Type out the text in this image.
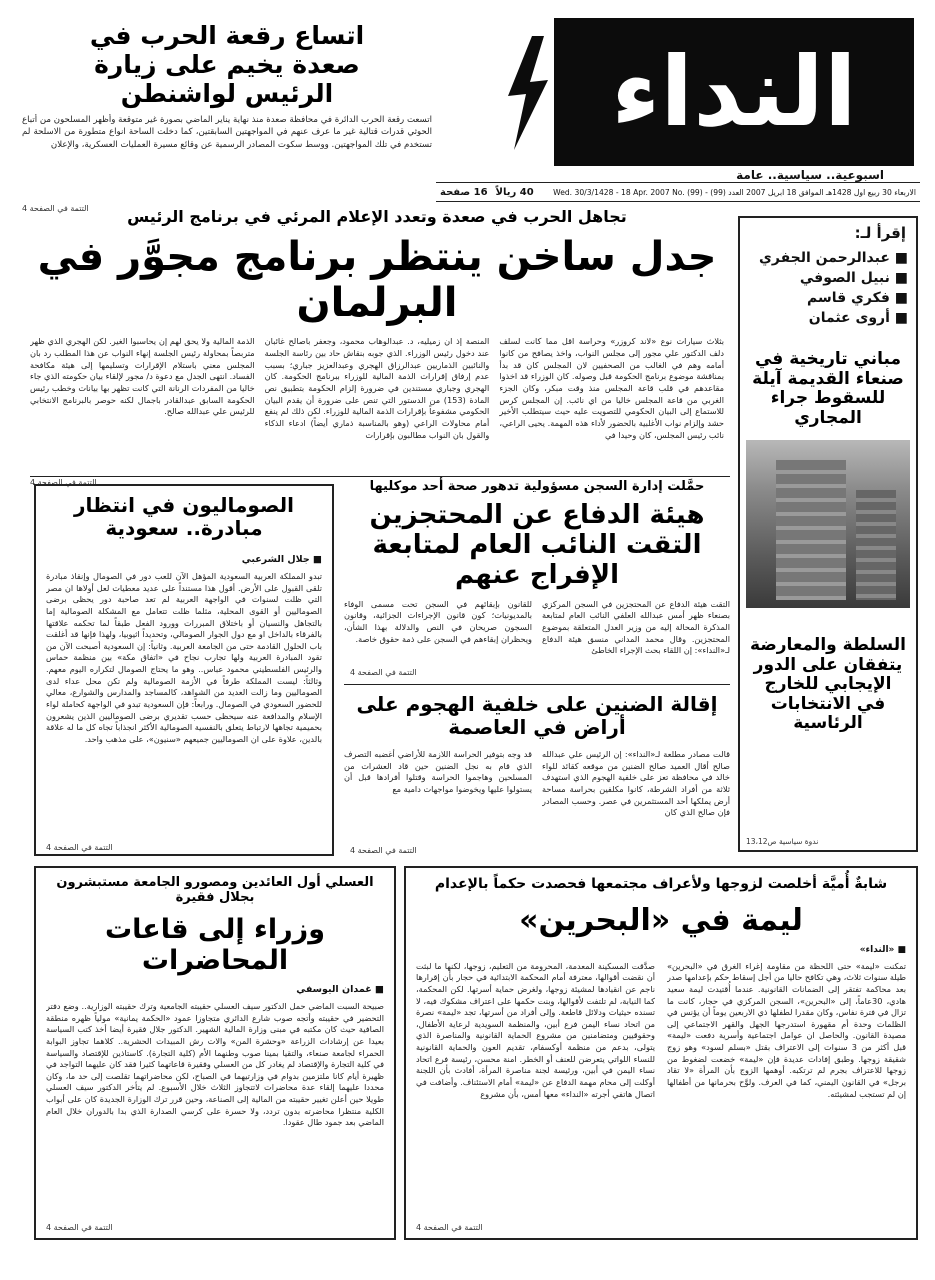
النداء
اسبوعية.. سياسية.. عامة
الاربعاء 30 ربيع اول 1428هـ الموافق 18 ابريل 2007 العدد (99) - Wed. 30/3/1428 - 18 Apr. 2007 No. (99)
40 ريالاً
16 صفحة
اتساع رقعة الحرب في صعدة يخيم على زيارة الرئيس لواشنطن
اتسعت رقعة الحرب الدائرة في محافظة صعدة منذ نهاية يناير الماضي بصورة غير متوقعة وأظهر المسلحون من أتباع الحوثي قدرات قتالية غير ما عرف عنهم في المواجهتين السابقتين، كما دخلت الساحة انواع متطورة من الاسلحة لم تستخدم في تلك المواجهتين. ووسط سكوت المصادر الرسمية عن وقائع مسيرة العمليات العسكرية، والإعلان
التتمة في الصفحة 4	تجاهل الحرب في صعدة وتعدد الإعلام المرئي في برنامج الرئيس
جدل ساخن ينتظر برنامج مجوَّر في البرلمان
بثلاث سيارات نوع «لاند كروزر» وحراسة اقل مما كانت لسلف دلف الدكتور علي مجور إلى مجلس النواب، واخذ يصافح من كانوا أمامه وهم في الغالب من الصحفيين لان المجلس كان قد بدأ بمناقشة موضوع برنامج الحكومة قبل وصوله. كان الوزراء قد اخذوا مقاعدهم في قلب قاعة المجلس منذ وقت مبكر، وكان الجزء الغربي من قاعة المجلس خاليا من اي نائب. إن المجلس كرس للاستماع إلى البيان الحكومي للتصويت عليه حيث سيتطلب الأخير حشد وإلزام نواب الأغلبية بالحضور لأداء هذه المهمة. يحيى الراعي، نائب رئيس المجلس، كان وحيدا في
المنصة إذ ان زميليه، د. عبدالوهاب محمود، وجعفر باصالح غائبان عند دخول رئيس الوزراء. الذي جوبه بنقاش حاد بين رئاسة الجلسة والنائبين الذماريين عبدالرزاق الهجري وعبدالعزيز جباري؛ بسبب عدم إرفاق إقرارات الذمة المالية للوزراء ببرنامج الحكومة. كان الهجري وجباري مستندين في ضرورة إلزام الحكومة بتطبيق نص المادة (153) من الدستور التي تنص على ضرورة أن يقدم البيان الحكومي مشفوعاً بإقرارات الذمة المالية للوزراء. لكن ذلك لم ينفع أمام محاولات الراعي (وهو بالمناسبة ذماري أيضاً) ادعاء الذكاء والقول بان النواب مطالبون بإقرارات
الذمة المالية ولا يحق لهم إن يحاسبوا الغير. لكن الهجري الذي ظهر متربصاً بمحاولة رئيس الجلسة إنهاء النواب عن هذا المطلب رد بان المجلس معني باستلام الإقرارات وتسليمها إلى هيئة مكافحة الفساد. انتهى الجدل مع دعوة د/ مجور لإلقاء بيان حكومته الذي جاء خاليا من المفردات الرنانة التي كانت تظهر بها بيانات وخطب رئيس الحكومة السابق عبدالقادر باجمال لكنه حوصر بالبرنامج الانتخابي للرئيس علي عبدالله صالح.
التتمة في الصفحة 4
إقرأ لـ:
■ عبدالرحمن الجفري
■ نبيل الصوفي
■ فكري قاسم
■ أروى عثمان
مباني تاريخية في صنعاء القديمة آيلة للسقوط جراء المجاري
السلطة والمعارضة يتفقان على الدور الإيجابي للخارج في الانتخابات الرئاسية
ندوة سياسية ص13،12
حمَّلت إدارة السجن مسؤولية تدهور صحة أحد موكليها
هيئة الدفاع عن المحتجزين التقت النائب العام لمتابعة الإفراج عنهم
التقت هيئة الدفاع عن المحتجزين في السجن المركزي بصنعاء ظهر أمس عبدالله العلفي النائب العام لمتابعة المذكرة المحالة إليه من وزير العدل المتعلقة بموضوع المحتجزين. وقال محمد المداني منسق هيئة الدفاع لـ«النداء»: إن اللقاء بحث الإجراء الخاطئ
للقانون بإبقائهم في السجن تحت مسمى الوفاء بالمديونيات؛ كون قانون الإجراءات الجزائية، وقانون السجون صريحان في النص والدلالة بهذا الشأن، ويحظران إبقاءهم في السجن على ذمة حقوق خاصة.
التتمة في الصفحة 4
إقالة الضنين على خلفية الهجوم على أراض في العاصمة
قالت مصادر مطلعة لـ«النداء»: إن الرئيس علي عبدالله صالح أقال العميد صالح الضنين من موقعه كقائد للواء خالد في محافظة تعز على خلفية الهجوم الذي استهدف ثلاثة من أفراد الشرطة، كانوا مكلفين بحراسة مساحة أرض يملكها أحد المستثمرين في عصر. وحسب المصادر فإن صالح الذي كان
قد وجه بتوفير الحراسة اللازمة للأراضي أغضبه التصرف الذي قام به نجل الضنين حين قاد العشرات من المسلحين وهاجموا الحراسة وقتلوا أفرادها قبل أن يستولوا عليها ويخوضوا مواجهات دامية مع
التتمة في الصفحة 4
الصوماليون في انتظار مبادرة.. سعودية
■ جلال الشرعبي
تبدو المملكة العربية السعودية المؤهل الآن للعب دور في الصومال وإنقاذ مبادرة تلقى القبول على الأرض. أقول هذا مستنداً على عديد معطيات لعل أولاها ان مصر التي ظلت لسنوات في الواجهة العربية لم تعد صاحبة دور يحظى برضى الصوماليين أو القوى المحلية، مثلما ظلت تتعامل مع المشكلة الصومالية إما بالتجاهل والنسيان أو باختلاق المبررات وورود الفعل طبقاً لما تحكمه علاقتها بالفرقاء بالداخل او مع دول الجوار الصومالي، وتحديداً اثيوبيا، ولهذا فإنها قد أغلقت باب الحلول القادمة حتى من الجامعة العربية. وثانياً: إن السعودية أصبحت الآن من تقود المبادرة العربية ولها تجارب نجاح في «اتفاق مكة» بين منظمة حماس والرئيس الفلسطيني محمود عباس.. وهو ما يحتاج الصومال لتكراره اليوم معهم. وثالثاً: ليست المملكة طرفاً في الأزمة الصومالية ولم تكن محل عداء لدى الصوماليين وما زالت العديد من الشواهد، كالمساجد والمدارس والشوارع، معالي للحضور السعودي في الصومال. ورابعاً: فإن السعودية تبدو في الواجهة كحاملة لواء الإسلام والمدافعة عنه سيحظى حسب تقديري برضى الصوماليين الذين يشعرون بحميمية تجاهها لارتباط يتعلق بالنفسية الصومالية الأكثر انجذاباً تجاه كل ما له علاقة بالدين، علاوة على ان الصوماليين جميعهم «سنيون»، على مذهب واحد.
التتمة في الصفحة 4
شابةٌ أُميَّة أخلصت لزوجها ولأعراف مجتمعها فحصدت حكماً بالإعدام
ليمة في «البحرين»
■ «النداء»
تمكنت «ليمة» حتى اللحظة من مقاومة إغراء الغرق في «البحرين» طيلة سنوات ثلاث، وهي تكافح حاليا من أجل إسقاط حكم بإعدامها صدر بعد محاكمة تفتقر إلى الضمانات القانونية. عندما أُقتيدت ليمة سعيد هادي، 30عاماً، إلى «البحرين»، السجن المركزي في حجار، كانت ما تزال في فترة نفاس، وكان مقدرا لطفلها ذي الاربعين يوماً أن يؤنس في الظلمات وحدة أم مقهورة استدرجها الجهل والقهر الاجتماعي إلى مصيدة القانون. والحاصل ان عوامل اجتماعية وأسرية دفعت «ليمة» قبل أكثر من 3 سنوات إلى الاعتراف بقتل «بسلم لسود» وهو زوج شقيقة زوجها. وطبق إفادات عديدة فإن «ليمة» خضعت لضغوط من زوجها للاعتراف بجرم لم ترتكبه. أوهمها الزوج بأن المرأة «لا تقاد برجل» في القانون اليمني، كما في العرف. ولوَّح بحرمانها من أطفالها إن لم تستجب لمشيئته.
صدَّقت المسكينة المعدمة، المحرومة من التعليم، زوجها، لكنها ما لبثت أن نقضت أقوالها، معترفة أمام المحكمة الابتدائية في حجار بأن إقرارها ناجم عن انقيادها لمشيئة زوجها، ولغرض حماية أسرتها. لكن المحكمة، كما النيابة، لم تلتفت لأقوالها، وبنت حكمها على اعتراف مشكوك فيه، لا تسنده حيثيات ودلائل قاطعة. وإلى أفراد من أسرتها، تجد «ليمة» نصرة من اتحاد نساء اليمن فرع أبين، والمنظمة السويدية لرعاية الأطفال، وحقوقيين ومتضامنين من مشروع الحماية القانونية والمناصرة الذي يتولى، بدعم من منظمة أوكسفام، تقديم العون والحماية القانونية للنساء اللواتي يتعرضن للعنف أو الخطر. امنة محسن، رئيسة فرع اتحاد نساء اليمن في أبين، ورئيسة لجنة مناصرة المرأة، أفادت بأن اللجنة أوكلت إلى محام مهمة الدفاع عن «ليمة» أمام الاستئناف. وأضافت في اتصال هاتفي أجرته «النداء» معها أمس، بأن مشروع
التتمة في الصفحة 4
العسلي أول العائدين ومصورو الجامعة مستبشرون بجلال فقيرة
وزراء إلى قاعات المحاضرات
■ غمدان اليوسفي
صبيحة السبت الماضي حمل الدكتور سيف العسلي حقيبته الجامعية وترك حقيبته الوزارية.. وضع دفتر التحضير في حقيبته وأتجه صوب شارع الدائري متجاوزا عمود «الحكمة يمانية» مولياً ظهره منطقة الصافية حيث كان مكتبه في مبنى وزارة المالية الشهير. الدكتور جلال فقيرة أيضا أخذ كتب السياسة بعيدا عن إرشادات الزراعة «وحشرة المن» والات رش المبيدات الحشرية.. كلاهما تجاوز البوابة الحمراء لجامعة صنعاء، والتقيا بمينا صوب وطنهما الأم (كلية التجارة). كاستاذين للإقتصاد والسياسة في كلية التجارة والإقتصاد لم يغادر كل من العسلي وفقيرة قاعاتهما كثيرا فقد كان عليهما التواجد في ظهيرة أيام كانا ملتزمين بدوام في وزارتيهما في الصباح، لكن محاضراتهما تقلصت إلى حد ما، وكان محددا عليهما إلقاء عدة محاضرات لاتتجاوز الثلاث خلال الأسبوع. لم يتأخر الدكتور سيف العسلي طويلا حين أعلن تغيير حقيبته من المالية إلى الصناعة، وحين قرر ترك الوزارة الجديدة كان على أبواب الكلية منتظرا محاضرته بدون تردد، ولا حسرة على كرسي الصدارة الذي بدا بالدوران خلال العام الماضي بعد جمود طال عقودا.
التتمة في الصفحة 4
